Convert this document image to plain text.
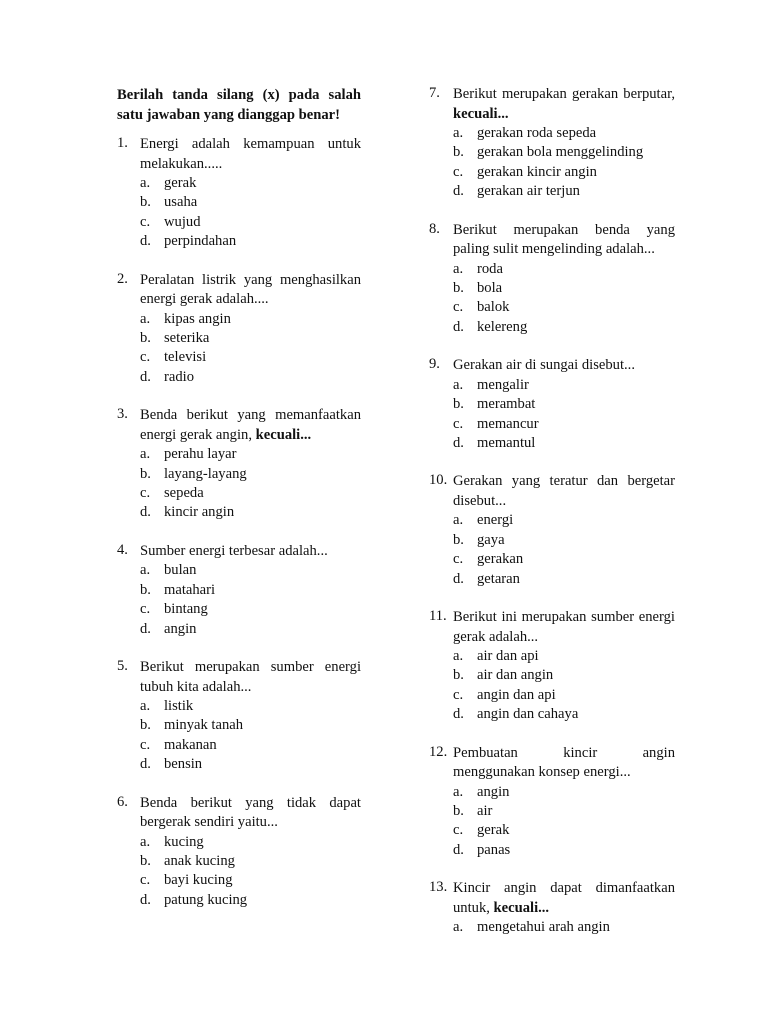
Berilah tanda silang (x) pada salah satu jawaban yang dianggap benar!
1. Energi adalah kemampuan untuk melakukan.....
a. gerak
b. usaha
c. wujud
d. perpindahan
2. Peralatan listrik yang menghasilkan energi gerak adalah....
a. kipas angin
b. seterika
c. televisi
d. radio
3. Benda berikut yang memanfaatkan energi gerak angin, kecuali...
a. perahu layar
b. layang-layang
c. sepeda
d. kincir angin
4. Sumber energi terbesar adalah...
a. bulan
b. matahari
c. bintang
d. angin
5. Berikut merupakan sumber energi tubuh kita adalah...
a. listik
b. minyak tanah
c. makanan
d. bensin
6. Benda berikut yang tidak dapat bergerak sendiri yaitu...
a. kucing
b. anak kucing
c. bayi kucing
d. patung kucing
7. Berikut merupakan gerakan berputar, kecuali...
a. gerakan roda sepeda
b. gerakan bola menggelinding
c. gerakan kincir angin
d. gerakan air terjun
8. Berikut merupakan benda yang paling sulit mengelinding adalah...
a. roda
b. bola
c. balok
d. kelereng
9. Gerakan air di sungai disebut...
a. mengalir
b. merambat
c. memancur
d. memantul
10. Gerakan yang teratur dan bergetar disebut...
a. energi
b. gaya
c. gerakan
d. getaran
11. Berikut ini merupakan sumber energi gerak adalah...
a. air dan api
b. air dan angin
c. angin dan api
d. angin dan cahaya
12. Pembuatan kincir angin menggunakan konsep energi...
a. angin
b. air
c. gerak
d. panas
13. Kincir angin dapat dimanfaatkan untuk, kecuali...
a. mengetahui arah angin
